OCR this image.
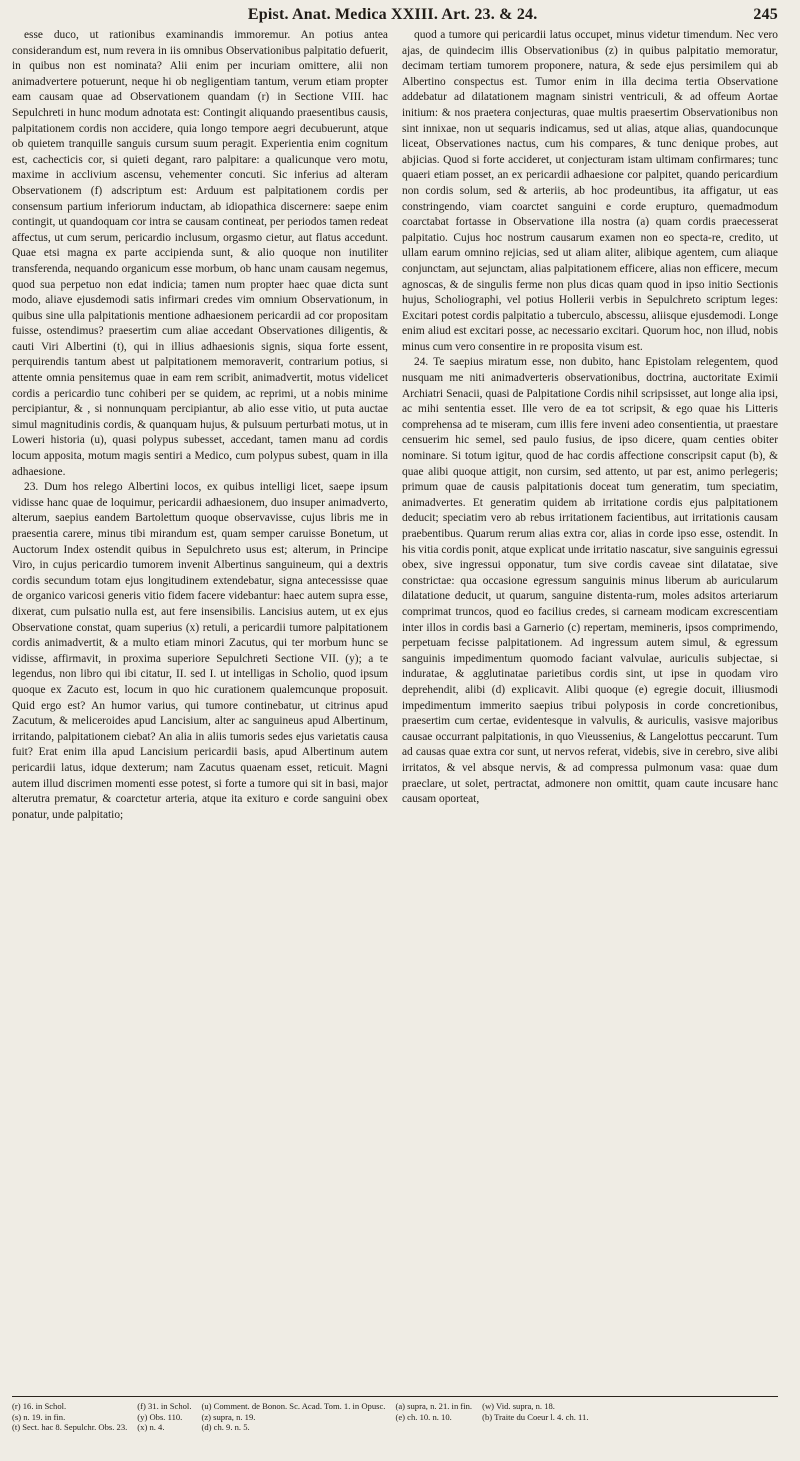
Epist. Anat. Medica XXIII. Art. 23. & 24.	245

esse duco, ut rationibus examinandis immoremur. An potius antea considerandum est, num revera in iis omnibus Observationibus palpitatio defuerit, in quibus non est nominata? Alii enim per incuriam omittere, alii non animadvertere potuerunt, neque hi ob negligentiam tantum, verum etiam propter eam causam quae ad Observationem quandam (r) in Sectione VIII. hac Sepulchreti in hunc modum adnotata est: Contingit aliquando praesentibus causis, palpitationem cordis non accidere, quia longo tempore aegri decubuerunt, atque ob quietem tranquille sanguis cursum suum peragit. Experientia enim cognitum est, cachecticis cor, si quieti degant, raro palpitare: a qualicunque vero motu, maxime in acclivium ascensu, vehementer concuti. Sic inferius ad alteram Observationem (f) adscriptum est: Arduum est palpitationem cordis per consensum partium inferiorum inductam, ab idiopathica discernere: saepe enim contingit, ut quandoquam cor intra se causam contineat, per periodos tamen redeat affectus, ut cum serum, pericardio inclusum, orgasmo cietur, aut flatus accedunt. Quae etsi magna ex parte accipienda sunt, & alio quoque non inutiliter transferenda, nequando organicum esse morbum, ob hanc unam causam negemus, quod sua perpetuo non edat indicia; tamen num propter haec quae dicta sunt modo, aliave ejusdemodi satis infirmari credes vim omnium Observationum, in quibus sine ulla palpitationis mentione adhaesionem pericardii ad cor propositam fuisse, ostendimus? praesertim cum aliae accedant Observationes diligentis, & cauti Viri Albertini (t), qui in illius adhaesionis signis, siqua forte essent, perquirendis tantum abest ut palpitationem memoraverit, contrarium potius, si attente omnia pensitemus quae in eam rem scribit, animadvertit, motus videlicet cordis a pericardio tunc cohiberi per se quidem, ac reprimi, ut a nobis minime percipiantur, & , si nonnunquam percipiantur, ab alio esse vitio, ut puta auctae simul magnitudinis cordis, & quanquam hujus, & pulsuum perturbati motus, ut in Loweri historia (u), quasi polypus subesset, accedant, tamen manu ad cordis locum apposita, motum magis sentiri a Medico, cum polypus subest, quam in illa adhaesione.

23. Dum hos relego Albertini locos, ex quibus intelligi licet, saepe ipsum vidisse hanc quae de loquimur, pericardii adhaesionem, duo insuper animadverto, alterum, saepius eandem Bartolettum quoque observavisse, cujus libris me in praesentia carere, minus tibi mirandum est, quam semper caruisse Bonetum, ut Auctorum Index ostendit quibus in Sepulchreto usus est; alterum, in Principe Viro, in cujus pericardio tumorem invenit Albertinus sanguineum, qui a dextris cordis secundum totam ejus longitudinem extendebatur, signa antecessisse quae de organico varicosi generis vitio fidem facere videbantur: haec autem supra esse, dixerat, cum pulsatio nulla est, aut fere insensibilis. Lancisius autem, ut ex ejus Observatione constat, quam superius (x) retuli, a pericardii tumore palpitationem cordis animadvertit, & a multo etiam minori Zacutus, qui ter morbum hunc se vidisse, affirmavit, in proxima superiore Sepulchreti Sectione VII. (y); a te legendus, non libro qui ibi citatur, II. sed I. ut intelligas in Scholio, quod ipsum quoque ex Zacuto est, locum in quo hic curationem qualemcunque proposuit. Quid ergo est? An humor varius, qui tumore continebatur, ut citrinus apud Zacutum, & meliceroides apud Lancisium, alter ac sanguineus apud Albertinum, irritando, palpitationem ciebat? An alia in aliis tumoris sedes ejus varietatis causa fuit? Erat enim illa apud Lancisium pericardii basis, apud Albertinum autem pericardii latus, idque dexterum; nam Zacutus quaenam esset, reticuit. Magni autem illud discrimen momenti esse potest, si forte a tumore qui sit in basi, major alterutra prematur, & coarctetur arteria, atque ita exituro e corde sanguini obex ponatur, unde palpitatio;

quod a tumore qui pericardii latus occupet, minus videtur timendum. Nec vero ajas, de quindecim illis Observationibus (z) in quibus palpitatio memoratur, decimam tertiam tumorem proponere, natura, & sede ejus persimilem qui ab Albertino conspectus est. Tumor enim in illa decima tertia Observatione addebatur ad dilatationem magnam sinistri ventriculi, & ad offeum Aortae initium: & nos praetera conjecturas, quae multis praesertim Observationibus non sint innixae, non ut sequaris indicamus, sed ut alias, atque alias, quandocunque liceat, Observationes nactus, cum his compares, & tunc denique probes, aut abjicias. Quod si forte accideret, ut conjecturam istam ultimam confirmares; tunc quaeri etiam posset, an ex pericardii adhaesione cor palpitet, quando pericardium non cordis solum, sed & arteriis, ab hoc prodeuntibus, ita affigatur, ut eas constringendo, viam coarctet sanguini e corde erupturo, quemadmodum coarctabat fortasse in Observatione illa nostra (a) quam cordis praecesserat palpitatio. Cujus hoc nostrum causarum examen non eo specta-re, credito, ut ullam earum omnino rejicias, sed ut aliam aliter, alibique agentem, cum aliaque conjunctam, aut sejunctam, alias palpitationem efficere, alias non efficere, mecum agnoscas, & de singulis ferme non plus dicas quam quod in ipso initio Sectionis hujus, Scholiographi, vel potius Hollerii verbis in Sepulchreto scriptum leges: Excitari potest cordis palpitatio a tuberculo, abscessu, aliisque ejusdemodi. Longe enim aliud est excitari posse, ac necessario excitari. Quorum hoc, non illud, nobis minus cum vero consentire in re proposita visum est.

24. Te saepius miratum esse, non dubito, hanc Epistolam relegentem, quod nusquam me niti animadverteris observationibus, doctrina, auctoritate Eximii Archiatri Senacii, quasi de Palpitatione Cordis nihil scripsisset, aut longe alia ipsi, ac mihi sententia esset. Ille vero de ea tot scripsit, & ego quae his Litteris comprehensa ad te miseram, cum illis fere inveni adeo consentientia, ut praestare censuerim hic semel, sed paulo fusius, de ipso dicere, quam centies obiter nominare. Si totum igitur, quod de hac cordis affectione conscripsit caput (b), & quae alibi quoque attigit, non cursim, sed attento, ut par est, animo perlegeris; primum quae de causis palpitationis doceat tum generatim, tum speciatim, animadvertes. Et generatim quidem ab irritatione cordis ejus palpitationem deducit; speciatim vero ab rebus irritationem facientibus, aut irritationis causam praebentibus. Quarum rerum alias extra cor, alias in corde ipso esse, ostendit. In his vitia cordis ponit, atque explicat unde irritatio nascatur, sive sanguinis egressui obex, sive ingressui opponatur, tum sive cordis caveae sint dilatatae, sive constrictae: qua occasione egressum sanguinis minus liberum ab auricularum dilatatione deducit, ut quarum, sanguine distenta-rum, moles adsitos arteriarum comprimat truncos, quod eo facilius credes, si carneam modicam excrescentiam inter illos in cordis basi a Garnerio (c) repertam, memineris, ipsos comprimendo, perpetuam fecisse palpitationem. Ad ingressum autem simul, & egressum sanguinis impedimentum quomodo faciant valvulae, auriculis subjectae, si induratae, & agglutinatae parietibus cordis sint, ut ipse in quodam viro deprehendit, alibi (d) explicavit. Alibi quoque (e) egregie docuit, illiusmodi impedimentum immerito saepius tribui polyposis in corde concretionibus, praesertim cum certae, evidentesque in valvulis, & auriculis, vasisve majoribus causae occurrant palpitationis, in quo Vieussenius, & Langelottus peccarunt. Tum ad causas quae extra cor sunt, ut nervos referat, videbis, sive in cerebro, sive alibi irritatos, & vel absque nervis, & ad compressa pulmonum vasa: quae dum praeclare, ut solet, pertractat, admonere non omittit, quam caute incusare hanc causam oporteat,

(r) 16. in Schol.
(s) n. 19. in fin.
(t) Sect. hac 8. Sepulchr. Obs. 23.
(f) 31. in Schol.
(y) Obs. 110.
(x) n. 4.
(u) Comment. de Bonon. Sc. Acad. Tom. 1. in Opusc.
(z) supra, n. 19.
(d) ch. 9. n. 5.
(a) supra, n. 21. in fin.
(e) ch. 10. n. 10.
(w) Vid. supra, n. 18.
(b) Traite du Coeur l. 4. ch. 11.
